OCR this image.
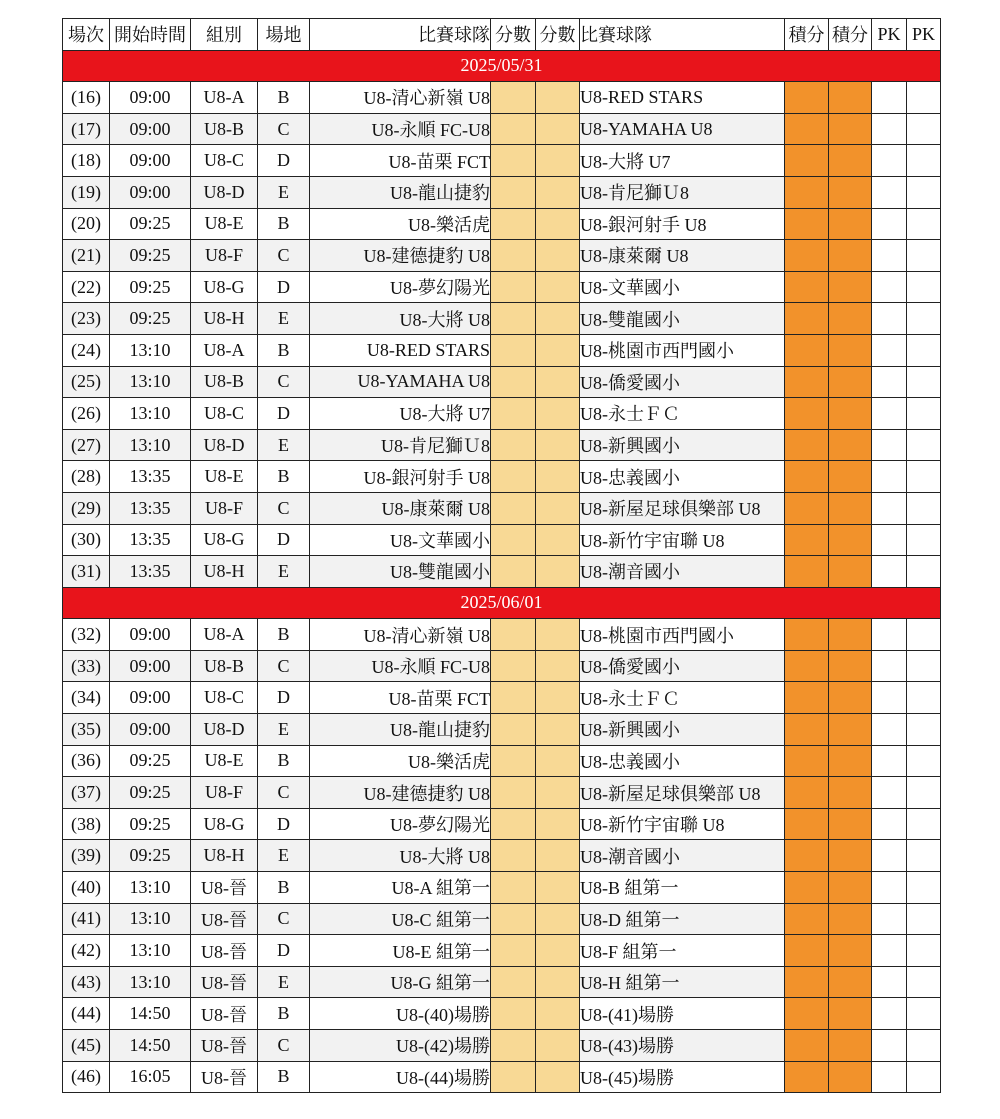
場次	開始時間	組別	場地	比賽球隊	分數	分數	比賽球隊	積分	積分	PK	PK
2025/05/31											
(16)	09:00	U8-A	B	U8-清心新嶺 U8			U8-RED STARS				
(17)	09:00	U8-B	C	U8-永順 FC-U8			U8-YAMAHA U8				
(18)	09:00	U8-C	D	U8-苗栗 FCT			U8-大將 U7				
(19)	09:00	U8-D	E	U8-龍山捷豹			U8-肯尼獅Ｕ8				
(20)	09:25	U8-E	B	U8-樂活虎			U8-銀河射手 U8				
(21)	09:25	U8-F	C	U8-建德捷豹 U8			U8-康萊爾 U8				
(22)	09:25	U8-G	D	U8-夢幻陽光			U8-文華國小				
(23)	09:25	U8-H	E	U8-大將 U8			U8-雙龍國小				
(24)	13:10	U8-A	B	U8-RED STARS			U8-桃園市西門國小				
(25)	13:10	U8-B	C	U8-YAMAHA U8			U8-僑愛國小				
(26)	13:10	U8-C	D	U8-大將 U7			U8-永士ＦＣ				
(27)	13:10	U8-D	E	U8-肯尼獅Ｕ8			U8-新興國小				
(28)	13:35	U8-E	B	U8-銀河射手 U8			U8-忠義國小				
(29)	13:35	U8-F	C	U8-康萊爾 U8			U8-新屋足球俱樂部 U8				
(30)	13:35	U8-G	D	U8-文華國小			U8-新竹宇宙聯 U8				
(31)	13:35	U8-H	E	U8-雙龍國小			U8-潮音國小				
2025/06/01											
(32)	09:00	U8-A	B	U8-清心新嶺 U8			U8-桃園市西門國小				
(33)	09:00	U8-B	C	U8-永順 FC-U8			U8-僑愛國小				
(34)	09:00	U8-C	D	U8-苗栗 FCT			U8-永士ＦＣ				
(35)	09:00	U8-D	E	U8-龍山捷豹			U8-新興國小				
(36)	09:25	U8-E	B	U8-樂活虎			U8-忠義國小				
(37)	09:25	U8-F	C	U8-建德捷豹 U8			U8-新屋足球俱樂部 U8				
(38)	09:25	U8-G	D	U8-夢幻陽光			U8-新竹宇宙聯 U8				
(39)	09:25	U8-H	E	U8-大將 U8			U8-潮音國小				
(40)	13:10	U8-晉	B	U8-A 組第一			U8-B 組第一				
(41)	13:10	U8-晉	C	U8-C 組第一			U8-D 組第一				
(42)	13:10	U8-晉	D	U8-E 組第一			U8-F 組第一				
(43)	13:10	U8-晉	E	U8-G 組第一			U8-H 組第一				
(44)	14:50	U8-晉	B	U8-(40)場勝			U8-(41)場勝				
(45)	14:50	U8-晉	C	U8-(42)場勝			U8-(43)場勝				
(46)	16:05	U8-晉	B	U8-(44)場勝			U8-(45)場勝				
